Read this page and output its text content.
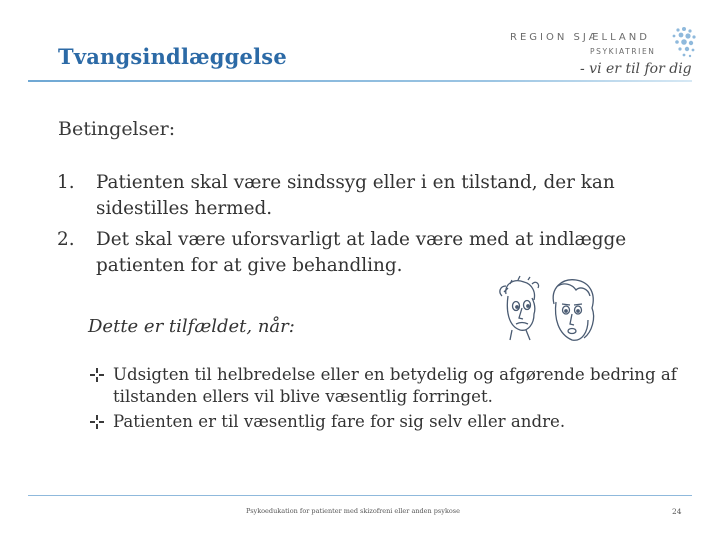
Tvangsindlæggelse
REGION SJÆLLAND
PSYKIATRIEN
- vi er til for dig
Betingelser:
1. Patienten skal være sindssyg eller i en tilstand, der kan sidestilles hermed.
2. Det skal være uforsvarligt at lade være med at indlægge patienten for at give behandling.
Dette er tilfældet, når:
Udsigten til helbredelse eller en betydelig og afgørende bedring af tilstanden ellers vil blive væsentlig forringet.
Patienten er til væsentlig fare for sig selv eller andre.
Psykoedukation for patienter med skizofreni eller anden psykose	24
